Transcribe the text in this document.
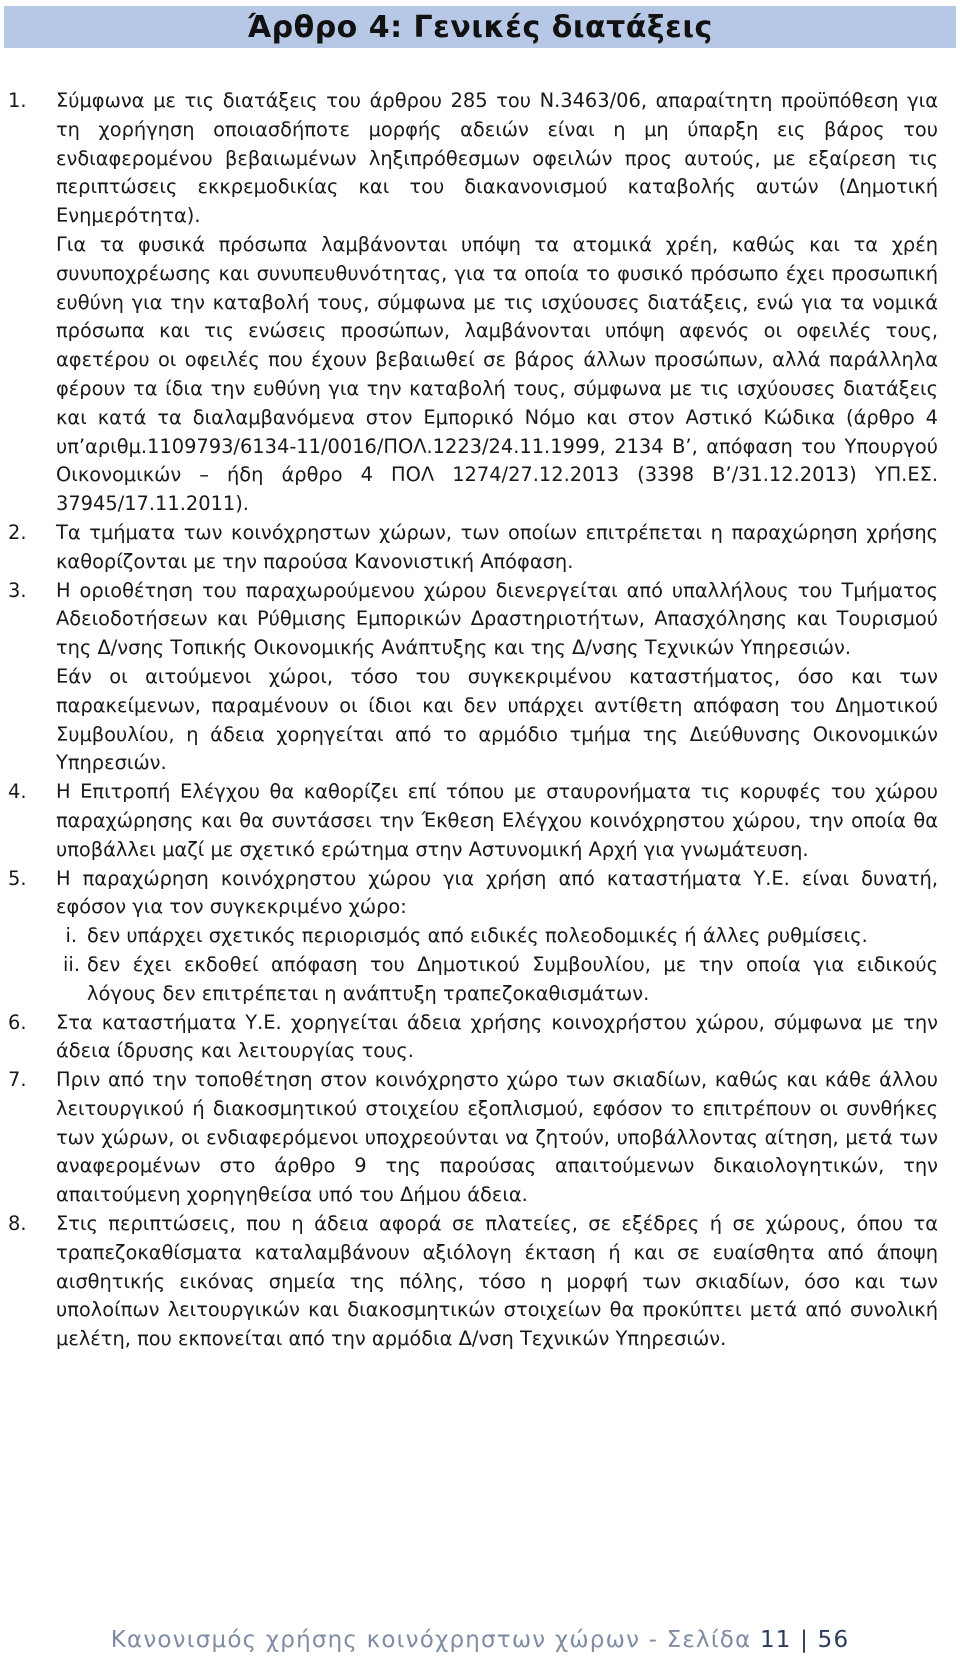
Άρθρο 4: Γενικές διατάξεις
1. Σύμφωνα με τις διατάξεις του άρθρου 285 του Ν.3463/06, απαραίτητη προϋπόθεση για τη χορήγηση οποιασδήποτε μορφής αδειών είναι η μη ύπαρξη εις βάρος του ενδιαφερομένου βεβαιωμένων ληξιπρόθεσμων οφειλών προς αυτούς, με εξαίρεση τις περιπτώσεις εκκρεμοδικίας και του διακανονισμού καταβολής αυτών (Δημοτική Ενημερότητα).

Για τα φυσικά πρόσωπα λαμβάνονται υπόψη τα ατομικά χρέη, καθώς και τα χρέη συνυποχρέωσης και συνυπευθυνότητας, για τα οποία το φυσικό πρόσωπο έχει προσωπική ευθύνη για την καταβολή τους, σύμφωνα με τις ισχύουσες διατάξεις, ενώ για τα νομικά πρόσωπα και τις ενώσεις προσώπων, λαμβάνονται υπόψη αφενός οι οφειλές τους, αφετέρου οι οφειλές που έχουν βεβαιωθεί σε βάρος άλλων προσώπων, αλλά παράλληλα φέρουν τα ίδια την ευθύνη για την καταβολή τους, σύμφωνα με τις ισχύουσες διατάξεις και κατά τα διαλαμβανόμενα στον Εμπορικό Νόμο και στον Αστικό Κώδικα (άρθρο 4 υπ’αριθμ.1109793/6134-11/0016/ΠΟΛ.1223/24.11.1999, 2134 Β’, απόφαση του Υπουργού Οικονομικών – ήδη άρθρο 4 ΠΟΛ 1274/27.12.2013 (3398 Β’/31.12.2013) ΥΠ.ΕΣ. 37945/17.11.2011).

2. Τα τμήματα των κοινόχρηστων χώρων, των οποίων επιτρέπεται η παραχώρηση χρήσης καθορίζονται με την παρούσα Κανονιστική Απόφαση.

3. Η οριοθέτηση του παραχωρούμενου χώρου διενεργείται από υπαλλήλους του Τμήματος Αδειοδοτήσεων και Ρύθμισης Εμπορικών Δραστηριοτήτων, Απασχόλησης και Τουρισμού της Δ/νσης Τοπικής Οικονομικής Ανάπτυξης και της Δ/νσης Τεχνικών Υπηρεσιών.

Εάν οι αιτούμενοι χώροι, τόσο του συγκεκριμένου καταστήματος, όσο και των παρακείμενων, παραμένουν οι ίδιοι και δεν υπάρχει αντίθετη απόφαση του Δημοτικού Συμβουλίου, η άδεια χορηγείται από το αρμόδιο τμήμα της Διεύθυνσης Οικονομικών Υπηρεσιών.

4. Η Επιτροπή Ελέγχου θα καθορίζει επί τόπου με σταυρονήματα τις κορυφές του χώρου παραχώρησης και θα συντάσσει την Έκθεση Ελέγχου κοινόχρηστου χώρου, την οποία θα υποβάλλει μαζί με σχετικό ερώτημα στην Αστυνομική Αρχή για γνωμάτευση.

5. Η παραχώρηση κοινόχρηστου χώρου για χρήση από καταστήματα Υ.Ε. είναι δυνατή, εφόσον για τον συγκεκριμένο χώρο:

i. δεν υπάρχει σχετικός περιορισμός από ειδικές πολεοδομικές ή άλλες ρυθμίσεις.

ii. δεν έχει εκδοθεί απόφαση του Δημοτικού Συμβουλίου, με την οποία για ειδικούς λόγους δεν επιτρέπεται η ανάπτυξη τραπεζοκαθισμάτων.

6. Στα καταστήματα Υ.Ε. χορηγείται άδεια χρήσης κοινοχρήστου χώρου, σύμφωνα με την άδεια ίδρυσης και λειτουργίας τους.

7. Πριν από την τοποθέτηση στον κοινόχρηστο χώρο των σκιαδίων, καθώς και κάθε άλλου λειτουργικού ή διακοσμητικού στοιχείου εξοπλισμού, εφόσον το επιτρέπουν οι συνθήκες των χώρων, οι ενδιαφερόμενοι υποχρεούνται να ζητούν, υποβάλλοντας αίτηση, μετά των αναφερομένων στο άρθρο 9 της παρούσας απαιτούμενων δικαιολογητικών, την απαιτούμενη χορηγηθείσα υπό του Δήμου άδεια.

8. Στις περιπτώσεις, που η άδεια αφορά σε πλατείες, σε εξέδρες ή σε χώρους, όπου τα τραπεζοκαθίσματα καταλαμβάνουν αξιόλογη έκταση ή και σε ευαίσθητα από άποψη αισθητικής εικόνας σημεία της πόλης, τόσο η μορφή των σκιαδίων, όσο και των υπολοίπων λειτουργικών και διακοσμητικών στοιχείων θα προκύπτει μετά από συνολική μελέτη, που εκπονείται από την αρμόδια Δ/νση Τεχνικών Υπηρεσιών.

Κανονισμός χρήσης κοινόχρηστων χώρων - Σελίδα 11 | 56
